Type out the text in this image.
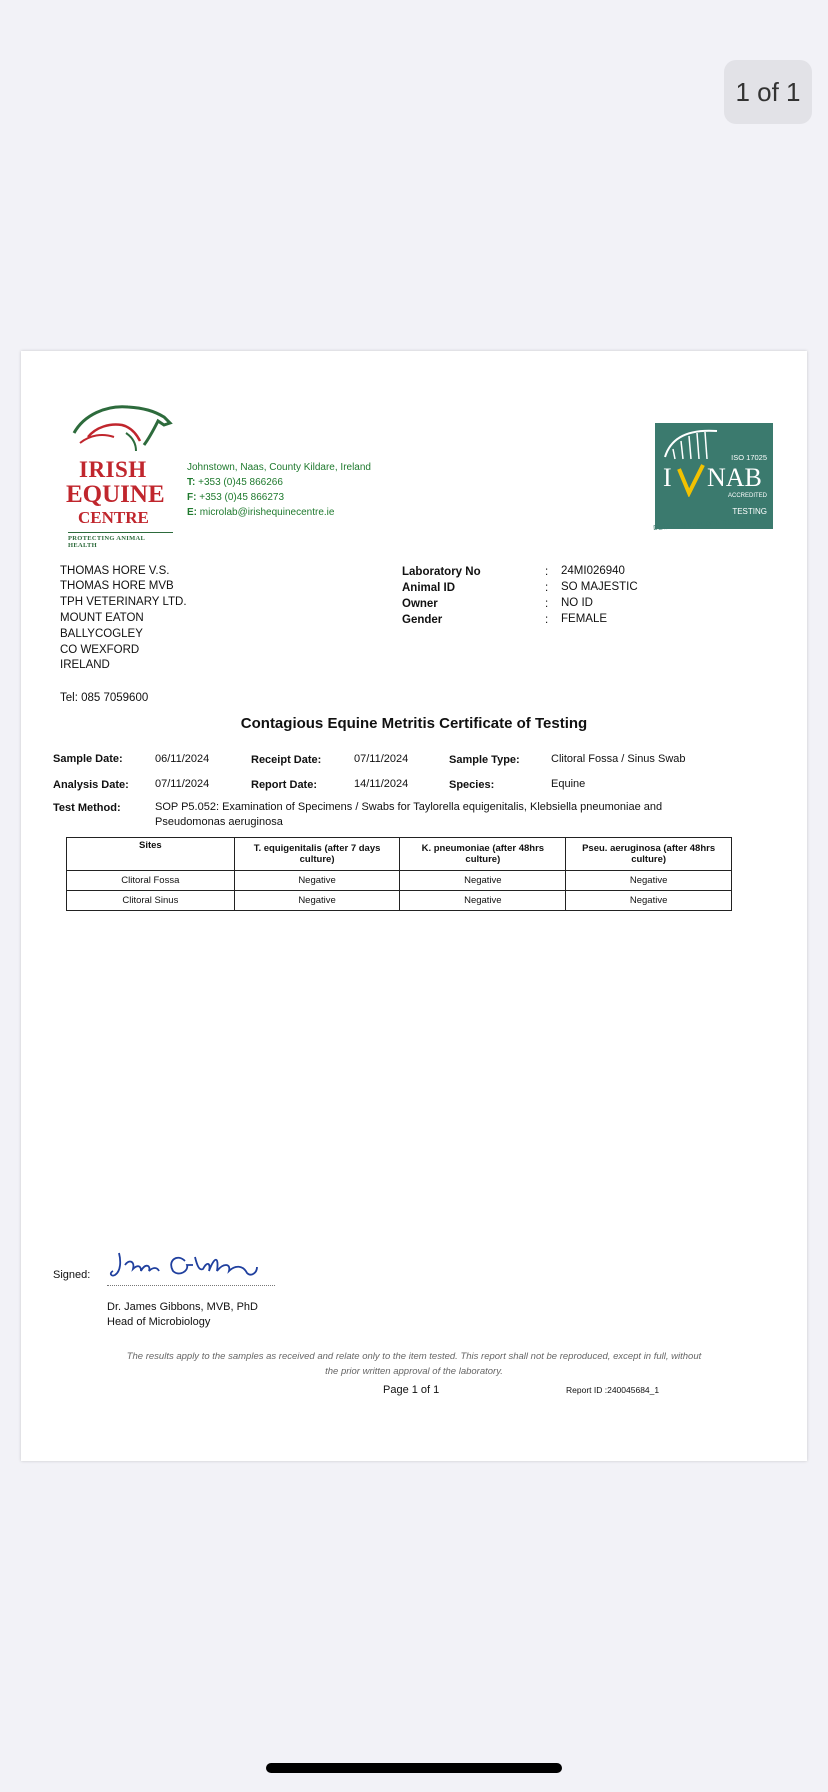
1 of 1
IRISH
EQUINE
CENTRE
PROTECTING ANIMAL HEALTH
Johnstown, Naas, County Kildare, Ireland
T: +353 (0)45 866266
F: +353 (0)45 866273
E: microlab@irishequinecentre.ie
ISO 17025
I NAB
ACCREDITED
TESTING
DETAILED IN SCOPE REG NO.151T
THOMAS HORE V.S.
THOMAS HORE MVB
TPH VETERINARY LTD.
MOUNT EATON
BALLYCOGLEY
CO WEXFORD
IRELAND
Tel: 085 7059600
Laboratory No	: 24MI026940
Animal ID	: SO MAJESTIC
Owner	: NO ID
Gender	: FEMALE
Contagious Equine Metritis Certificate of Testing
Sample Date:	06/11/2024	Receipt Date:	07/11/2024	Sample Type:	Clitoral Fossa / Sinus Swab
Analysis Date: 07/11/2024	Report Date:	14/11/2024	Species:	Equine
Test Method:	SOP P5.052: Examination of Specimens / Swabs for Taylorella equigenitalis, Klebsiella pneumoniae and
Pseudomonas aeruginosa
Sites	T. equigenitalis (after 7 days culture)	K. pneumoniae (after 48hrs culture)	Pseu. aeruginosa (after 48hrs culture)
Clitoral Fossa	Negative	Negative	Negative
Clitoral Sinus	Negative	Negative	Negative
Signed:
Dr. James Gibbons, MVB, PhD
Head of Microbiology
The results apply to the samples as received and relate only to the item tested. This report shall not be reproduced, except in full, without
the prior written approval of the laboratory.
Page 1 of 1	Report ID :240045684_1
